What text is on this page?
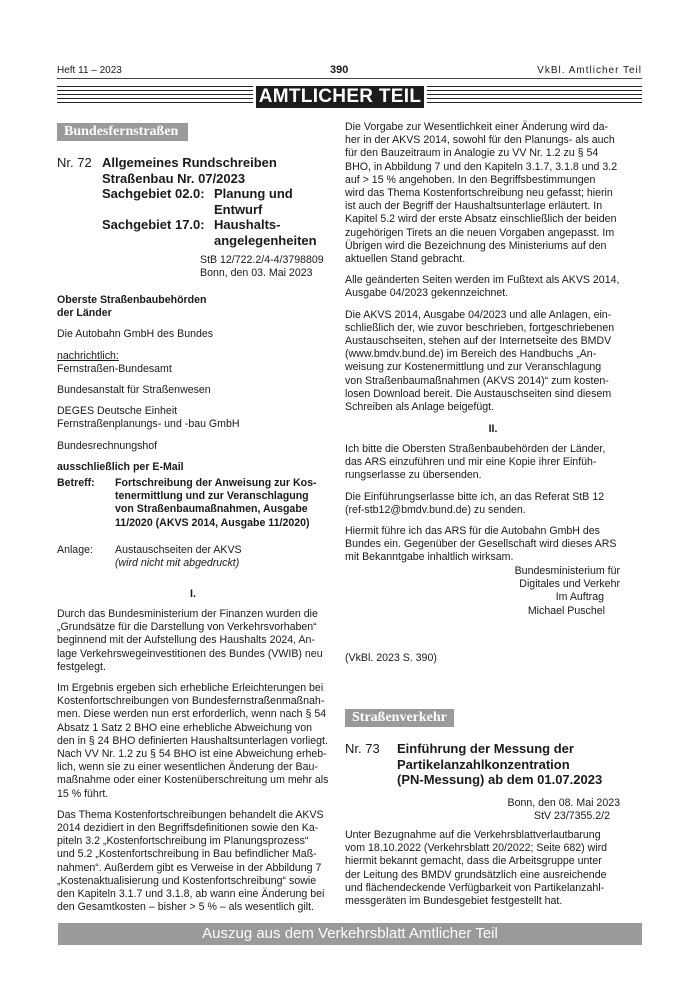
Heft 11 – 2023	390	VkBl. Amtlicher Teil
AMTLICHER TEIL
Bundesfernstraßen
Nr. 72 Allgemeines Rundschreiben
Straßenbau Nr. 07/2023
Sachgebiet 02.0: Planung und
Entwurf
Sachgebiet 17.0: Haushalts-
angelegenheiten
StB 12/722.2/4-4/3798809
Bonn, den 03. Mai 2023
Oberste Straßenbaubehörden
der Länder
Die Autobahn GmbH des Bundes
nachrichtlich:
Fernstraßen-Bundesamt
Bundesanstalt für Straßenwesen
DEGES Deutsche Einheit
Fernstraßenplanungs- und -bau GmbH
Bundesrechnungshof
ausschließlich per E-Mail
Betreff: Fortschreibung der Anweisung zur Kos-
tenermittlung und zur Veranschlagung
von Straßenbaumaßnahmen, Ausgabe
11/2020 (AKVS 2014, Ausgabe 11/2020)
Anlage: Austauschseiten der AKVS
(wird nicht mit abgedruckt)
I.

Durch das Bundesministerium der Finanzen wurden die
„Grundsätze für die Darstellung von Verkehrsvorhaben“
beginnend mit der Aufstellung des Haushalts 2024, An-
lage Verkehrswegeinvestitionen des Bundes (VWIB) neu
festgelegt.

Im Ergebnis ergeben sich erhebliche Erleichterungen bei
Kostenfortschreibungen von Bundesfernstraßenmaßnah-
men. Diese werden nun erst erforderlich, wenn nach § 54
Absatz 1 Satz 2 BHO eine erhebliche Abweichung von
den in § 24 BHO definierten Haushaltsunterlagen vorliegt.
Nach VV Nr. 1.2 zu § 54 BHO ist eine Abweichung erheb-
lich, wenn sie zu einer wesentlichen Änderung der Bau-
maßnahme oder einer Kostenüberschreitung um mehr als
15 % führt.

Das Thema Kostenfortschreibungen behandelt die AKVS
2014 dezidiert in den Begriffsdefinitionen sowie den Ka-
piteln 3.2 „Kostenfortschreibung im Planungsprozess“
und 5.2 „Kostenfortschreibung in Bau befindlicher Maß-
nahmen“. Außerdem gibt es Verweise in der Abbildung 7
„Kostenaktualisierung und Kostenfortschreibung“ sowie
den Kapiteln 3.1.7 und 3.1.8, ab wann eine Änderung bei
den Gesamtkosten – bisher > 5 % – als wesentlich gilt.

Die Vorgabe zur Wesentlichkeit einer Änderung wird da-
her in der AKVS 2014, sowohl für den Planungs- als auch
für den Bauzeitraum in Analogie zu VV Nr. 1.2 zu § 54
BHO, in Abbildung 7 und den Kapiteln 3.1.7, 3.1.8 und 3.2
auf > 15 % angehoben. In den Begriffsbestimmungen
wird das Thema Kostenfortschreibung neu gefasst; hierin
ist auch der Begriff der Haushaltsunterlage erläutert. In
Kapitel 5.2 wird der erste Absatz einschließlich der beiden
zugehörigen Tirets an die neuen Vorgaben angepasst. Im
Übrigen wird die Bezeichnung des Ministeriums auf den
aktuellen Stand gebracht.

Alle geänderten Seiten werden im Fußtext als AKVS 2014,
Ausgabe 04/2023 gekennzeichnet.

Die AKVS 2014, Ausgabe 04/2023 und alle Anlagen, ein-
schließlich der, wie zuvor beschrieben, fortgeschriebenen
Austauschseiten, stehen auf der Internetseite des BMDV
(www.bmdv.bund.de) im Bereich des Handbuchs „An-
weisung zur Kostenermittlung und zur Veranschlagung
von Straßenbaumaßnahmen (AKVS 2014)“ zum kosten-
losen Download bereit. Die Austauschseiten sind diesem
Schreiben als Anlage beigefügt.

II.

Ich bitte die Obersten Straßenbaubehörden der Länder,
das ARS einzuführen und mir eine Kopie ihrer Einfüh-
rungserlasse zu übersenden.

Die Einführungserlasse bitte ich, an das Referat StB 12
(ref-stb12@bmdv.bund.de) zu senden.

Hiermit führe ich das ARS für die Autobahn GmbH des
Bundes ein. Gegenüber der Gesellschaft wird dieses ARS
mit Bekanntgabe inhaltlich wirksam.

Bundesministerium für
Digitales und Verkehr
Im Auftrag
Michael Puschel
(VkBl. 2023 S. 390)
Straßenverkehr
Nr. 73 Einführung der Messung der
Partikelanzahlkonzentration
(PN-Messung) ab dem 01.07.2023
Bonn, den 08. Mai 2023
StV 23/7355.2/2

Unter Bezugnahme auf die Verkehrsblattverlautbarung
vom 18.10.2022 (Verkehrsblatt 20/2022; Seite 682) wird
hiermit bekannt gemacht, dass die Arbeitsgruppe unter
der Leitung des BMDV grundsätzlich eine ausreichende
und flächendeckende Verfügbarkeit von Partikelanzahl-
messgeräten im Bundesgebiet festgestellt hat.

Auszug aus dem Verkehrsblatt Amtlicher Teil
